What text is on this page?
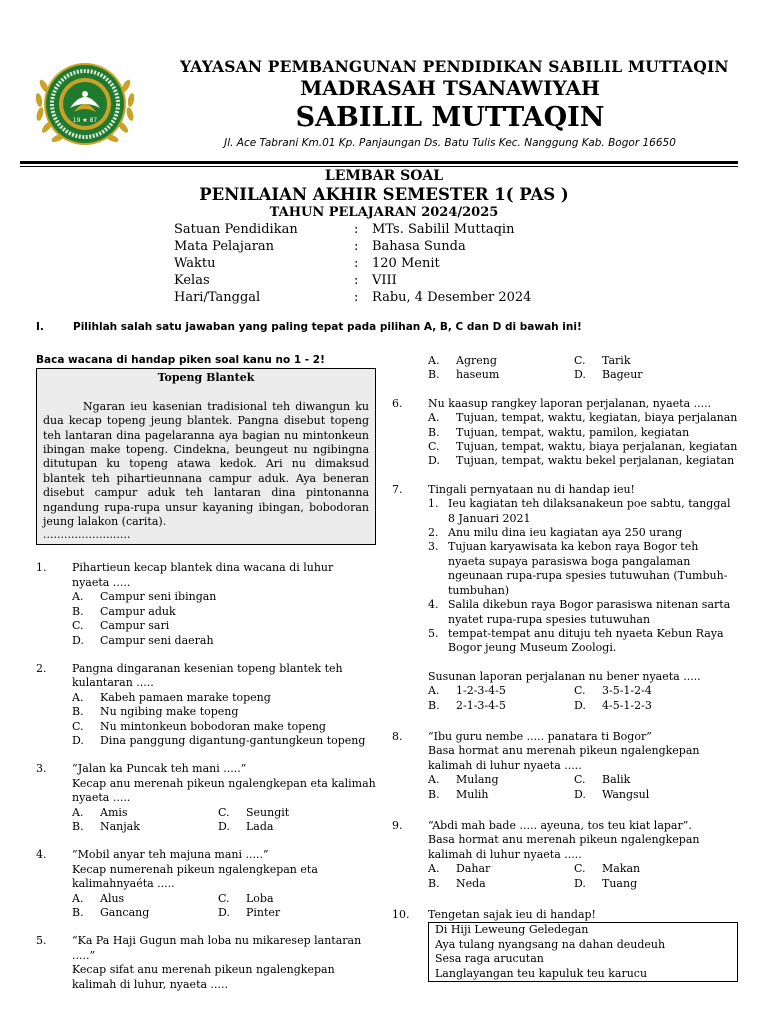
19 ★ 87
YAYASAN PEMBANGUNAN PENDIDIKAN SABILIL MUTTAQIN
MADRASAH TSANAWIYAH
SABILIL MUTTAQIN
Jl. Ace Tabrani Km.01 Kp. Panjaungan Ds. Batu Tulis Kec. Nanggung Kab. Bogor 16650
LEMBAR SOAL
PENILAIAN AKHIR SEMESTER 1( PAS )
TAHUN PELAJARAN 2024/2025
Satuan Pendidikan	:	MTs. Sabilil Muttaqin
Mata Pelajaran	:	Bahasa Sunda
Waktu	:	120 Menit
Kelas	:	VIII
Hari/Tanggal	:	Rabu, 4 Desember 2024
I.	Pilihlah salah satu jawaban yang paling tepat pada pilihan A, B, C dan D di bawah ini!
Baca wacana di handap piken soal kanu no 1 - 2!
Topeng Blantek
Ngaran ieu kasenian tradisional teh diwangun ku dua kecap topeng jeung blantek. Pangna disebut topeng teh lantaran dina pagelaranna aya bagian nu mintonkeun ibingan make topeng. Cindekna, beungeut nu ngibingna ditutupan ku topeng atawa kedok. Ari nu dimaksud blantek teh pihartieunnana campur aduk. Aya beneran disebut campur aduk teh lantaran dina pintonanna ngandung rupa-rupa unsur kayaning ibingan, bobodoran jeung lalakon (carita).
.........................
1.	Pihartieun kecap blantek dina wacana di luhur
nyaeta .....
A.	Campur seni ibingan
B.	Campur aduk
C.	Campur sari
D.	Campur seni daerah
2.	Pangna dingaranan kesenian topeng blantek teh
kulantaran .....
A.	Kabeh pamaen marake topeng
B.	Nu ngibing make topeng
C.	Nu mintonkeun bobodoran make topeng
D.	Dina panggung digantung-gantungkeun topeng
3.	“Jalan ka Puncak teh mani .....”
Kecap anu merenah pikeun ngalengkepan eta kalimah
nyaeta .....
A.	Amis	C.	Seungit
B.	Nanjak	D.	Lada
4.	“Mobil anyar teh majuna mani .....”
Kecap numerenah pikeun ngalengkepan eta
kalimahnyaéta .....
A.	Alus	C.	Loba
B.	Gancang	D.	Pinter
5.	“Ka Pa Haji Gugun mah loba nu mikaresep lantaran .....”
Kecap sifat anu merenah pikeun ngalengkepan
kalimah di luhur, nyaeta .....
A.	Agreng	C.	Tarik
B.	haseum	D.	Bageur
6.	Nu kaasup rangkey laporan perjalanan, nyaeta .....
A.	Tujuan, tempat, waktu, kegiatan, biaya perjalanan
B.	Tujuan, tempat, waktu, pamilon, kegiatan
C.	Tujuan, tempat, waktu, biaya perjalanan, kegiatan
D.	Tujuan, tempat, waktu bekel perjalanan, kegiatan
7.	Tingali pernyataan nu di handap ieu!
1. Ieu kagiatan teh dilaksanakeun poe sabtu, tanggal
8 Januari 2021
2. Anu milu dina ieu kagiatan aya 250 urang
3. Tujuan karyawisata ka kebon raya Bogor teh
nyaeta supaya parasiswa boga pangalaman
ngeunaan rupa-rupa spesies tutuwuhan (Tumbuh-
tumbuhan)
4. Salila dikebun raya Bogor parasiswa nitenan sarta
nyatet rupa-rupa spesies tutuwuhan
5. tempat-tempat anu dituju teh nyaeta Kebun Raya
Bogor jeung Museum Zoologi.
Susunan laporan perjalanan nu bener nyaeta .....
A.	1-2-3-4-5	C.	3-5-1-2-4
B.	2-1-3-4-5	D.	4-5-1-2-3
8.	“Ibu guru nembe ..... panatara ti Bogor”
Basa hormat anu merenah pikeun ngalengkepan
kalimah di luhur nyaeta .....
A.	Mulang	C.	Balik
B.	Mulih	D.	Wangsul
9.	“Abdi mah bade ..... ayeuna, tos teu kiat lapar”.
Basa hormat anu merenah pikeun ngalengkepan
kalimah di luhur nyaeta .....
A.	Dahar	C.	Makan
B.	Neda	D.	Tuang
10.	Tengetan sajak ieu di handap!
Di Hiji Leweung Geledegan
Aya tulang nyangsang na dahan deudeuh
Sesa raga arucutan
Langlayangan teu kapuluk teu karucu
